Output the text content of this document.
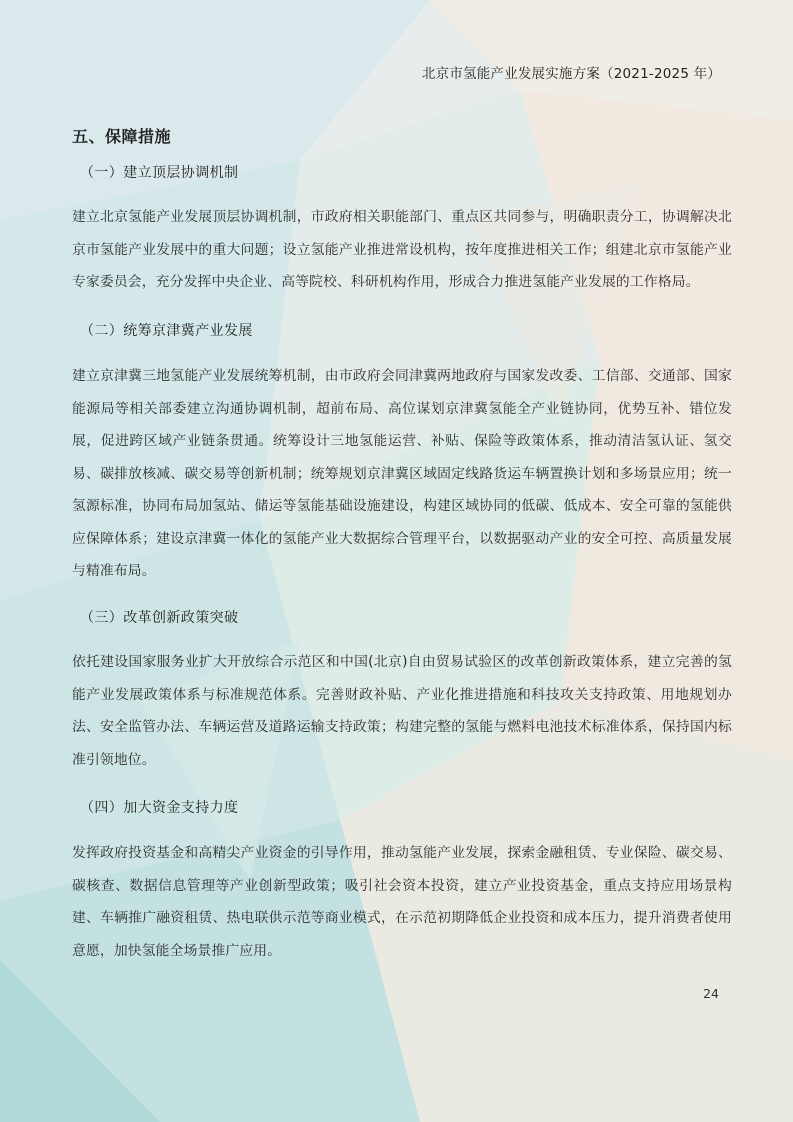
北京市氢能产业发展实施方案（2021-2025 年）
五、保障措施
（一）建立顶层协调机制

建立北京氢能产业发展顶层协调机制，市政府相关职能部门、重点区共同参与，明确职责分工，协调解决北京市氢能产业发展中的重大问题；设立氢能产业推进常设机构，按年度推进相关工作；组建北京市氢能产业专家委员会，充分发挥中央企业、高等院校、科研机构作用，形成合力推进氢能产业发展的工作格局。

（二）统筹京津冀产业发展

建立京津冀三地氢能产业发展统筹机制，由市政府会同津冀两地政府与国家发改委、工信部、交通部、国家能源局等相关部委建立沟通协调机制，超前布局、高位谋划京津冀氢能全产业链协同，优势互补、错位发展，促进跨区域产业链条贯通。统筹设计三地氢能运营、补贴、保险等政策体系，推动清洁氢认证、氢交易、碳排放核减、碳交易等创新机制；统筹规划京津冀区域固定线路货运车辆置换计划和多场景应用；统一氢源标准，协同布局加氢站、储运等氢能基础设施建设，构建区域协同的低碳、低成本、安全可靠的氢能供应保障体系；建设京津冀一体化的氢能产业大数据综合管理平台，以数据驱动产业的安全可控、高质量发展与精准布局。

（三）改革创新政策突破

依托建设国家服务业扩大开放综合示范区和中国(北京)自由贸易试验区的改革创新政策体系，建立完善的氢能产业发展政策体系与标准规范体系。完善财政补贴、产业化推进措施和科技攻关支持政策、用地规划办法、安全监管办法、车辆运营及道路运输支持政策；构建完整的氢能与燃料电池技术标准体系，保持国内标准引领地位。

（四）加大资金支持力度

发挥政府投资基金和高精尖产业资金的引导作用，推动氢能产业发展，探索金融租赁、专业保险、碳交易、碳核查、数据信息管理等产业创新型政策；吸引社会资本投资，建立产业投资基金，重点支持应用场景构建、车辆推广融资租赁、热电联供示范等商业模式，在示范初期降低企业投资和成本压力，提升消费者使用意愿，加快氢能全场景推广应用。

24
